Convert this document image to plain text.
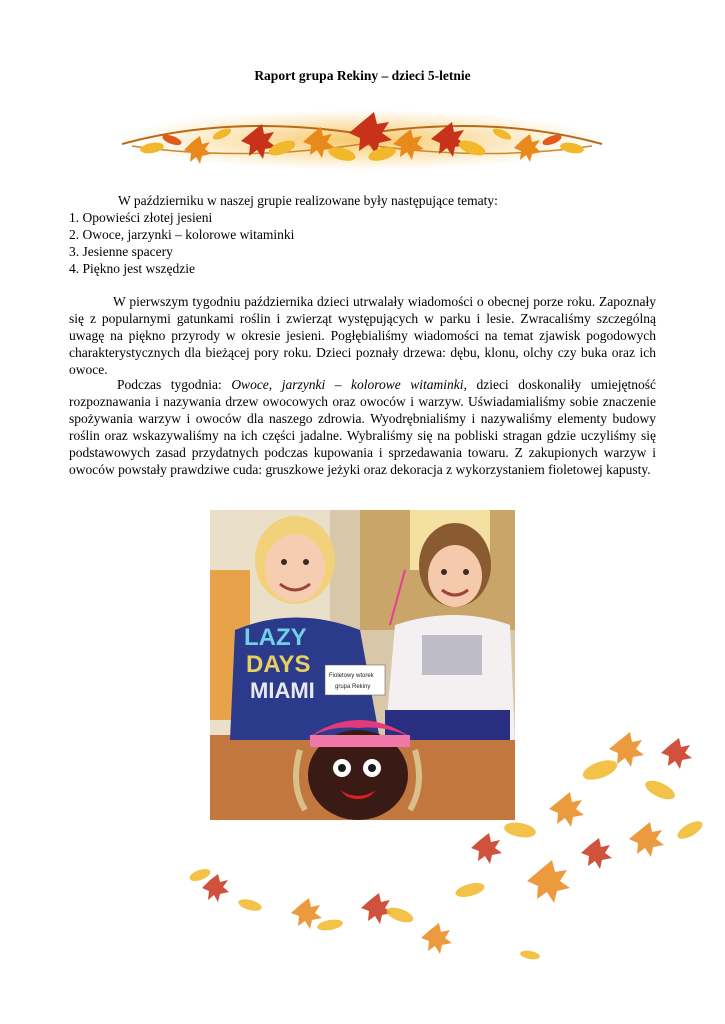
Raport grupa Rekiny – dzieci 5-letnie
W październiku w naszej grupie realizowane były następujące tematy:
1. Opowieści złotej jesieni
2. Owoce, jarzynki – kolorowe witaminki
3. Jesienne spacery
4. Piękno jest wszędzie

W pierwszym tygodniu października dzieci utrwalały wiadomości o obecnej porze roku. Zapoznały się z popularnymi gatunkami roślin i zwierząt występujących w parku i lesie. Zwracaliśmy szczególną uwagę na piękno przyrody w okresie jesieni. Pogłębialiśmy wiadomości na temat zjawisk pogodowych charakterystycznych dla bieżącej pory roku. Dzieci poznały drzewa: dębu, klonu, olchy czy buka oraz ich owoce.

Podczas tygodnia: Owoce, jarzynki – kolorowe witaminki, dzieci doskonaliły umiejętność rozpoznawania i nazywania drzew owocowych oraz owoców i warzyw. Uświadamialiśmy sobie znaczenie spożywania warzyw i owoców dla naszego zdrowia. Wyodrębnialiśmy i nazywaliśmy elementy budowy roślin oraz wskazywaliśmy na ich części jadalne. Wybraliśmy się na pobliski stragan gdzie uczyliśmy się podstawowych zasad przydatnych podczas kupowania i sprzedawania towaru. Z zakupionych warzyw i owoców powstały prawdziwe cuda: gruszkowe jeżyki oraz dekoracja z wykorzystaniem fioletowej kapusty.

LAZY
DAYS
MIAMI
Fioletowy wtorek
grupa Rekiny
